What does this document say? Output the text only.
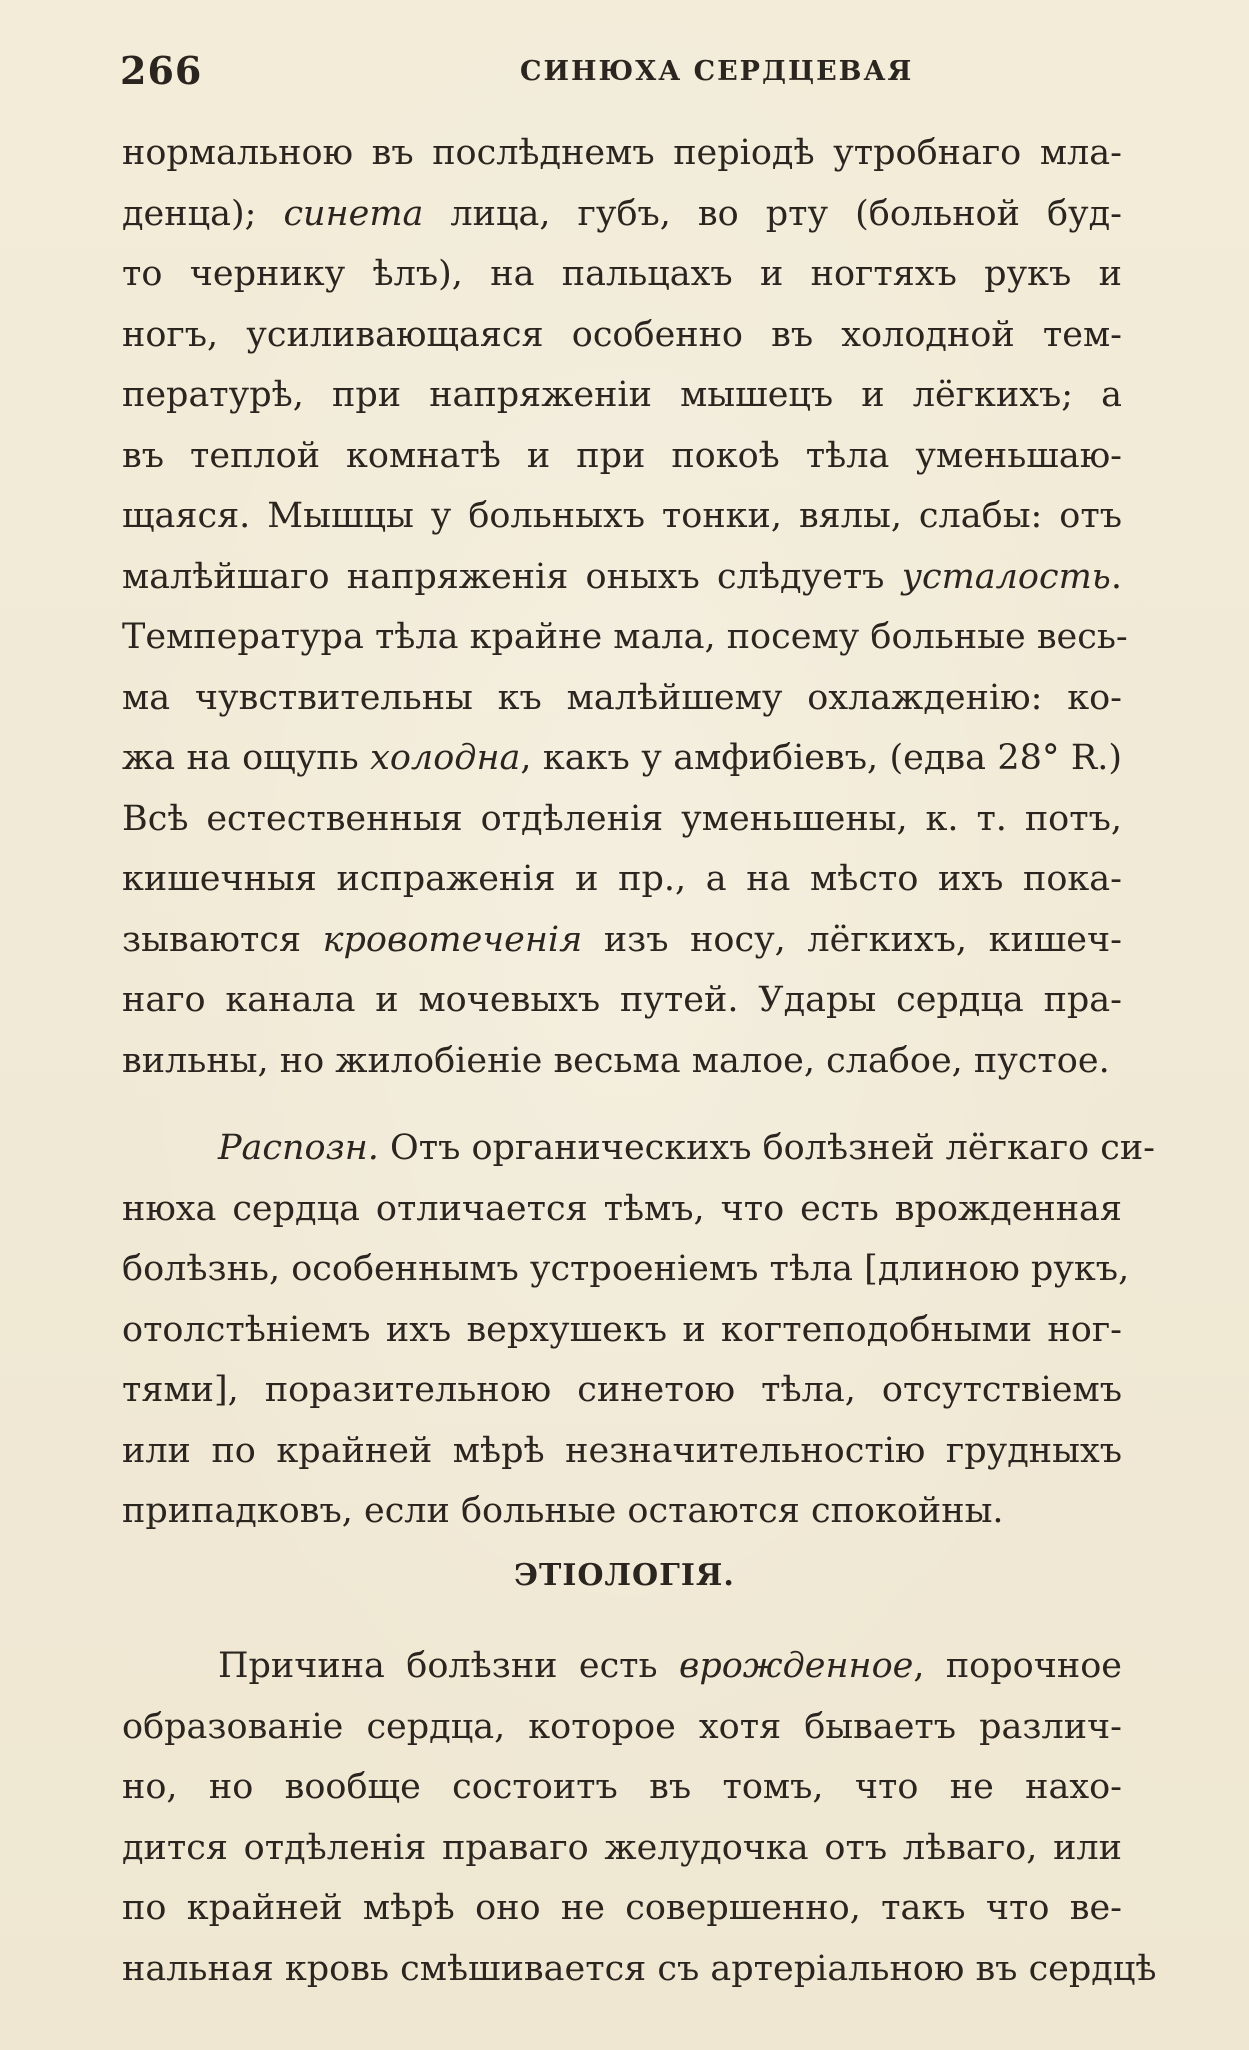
266	СИНЮХА СЕРДЦЕВАЯ
нормальною въ послѣднемъ періодѣ утробнаго мла-
денца); синета лица, губъ, во рту (больной буд-
то чернику ѣлъ), на пальцахъ и ногтяхъ рукъ и
ногъ, усиливающаяся особенно въ холодной тем-
пературѣ, при напряженіи мышецъ и лёгкихъ; а
въ теплой комнатѣ и при покоѣ тѣла уменьшаю-
щаяся. Мышцы у больныхъ тонки, вялы, слабы: отъ
малѣйшаго напряженія оныхъ слѣдуетъ усталость.
Температура тѣла крайне мала, посему больные весь-
ма чувствительны къ малѣйшему охлажденію: ко-
жа на ощупь холодна, какъ у амфибіевъ, (едва 28° R.)
Всѣ естественныя отдѣленія уменьшены, к. т. потъ,
кишечныя испраженія и пр., а на мѣсто ихъ пока-
зываются кровотеченія изъ носу, лёгкихъ, кишеч-
наго канала и мочевыхъ путей. Удары сердца пра-
вильны, но жилобіеніе весьма малое, слабое, пустое.
Распозн. Отъ органическихъ болѣзней лёгкаго си-
нюха сердца отличается тѣмъ, что есть врожденная
болѣзнь, особеннымъ устроеніемъ тѣла [длиною рукъ,
отолстѣніемъ ихъ верхушекъ и когтеподобными ног-
тями], поразительною синетою тѣла, отсутствіемъ
или по крайней мѣрѣ незначительностію грудныхъ
припадковъ, если больные остаются спокойны.
ЭТІОЛОГІЯ.
Причина болѣзни есть врожденное, порочное
образованіе сердца, которое хотя бываетъ различ-
но, но вообще состоитъ въ томъ, что не нахо-
дится отдѣленія праваго желудочка отъ лѣваго, или
по крайней мѣрѣ оно не совершенно, такъ что ве-
нальная кровь смѣшивается съ артеріальною въ сердцѣ
